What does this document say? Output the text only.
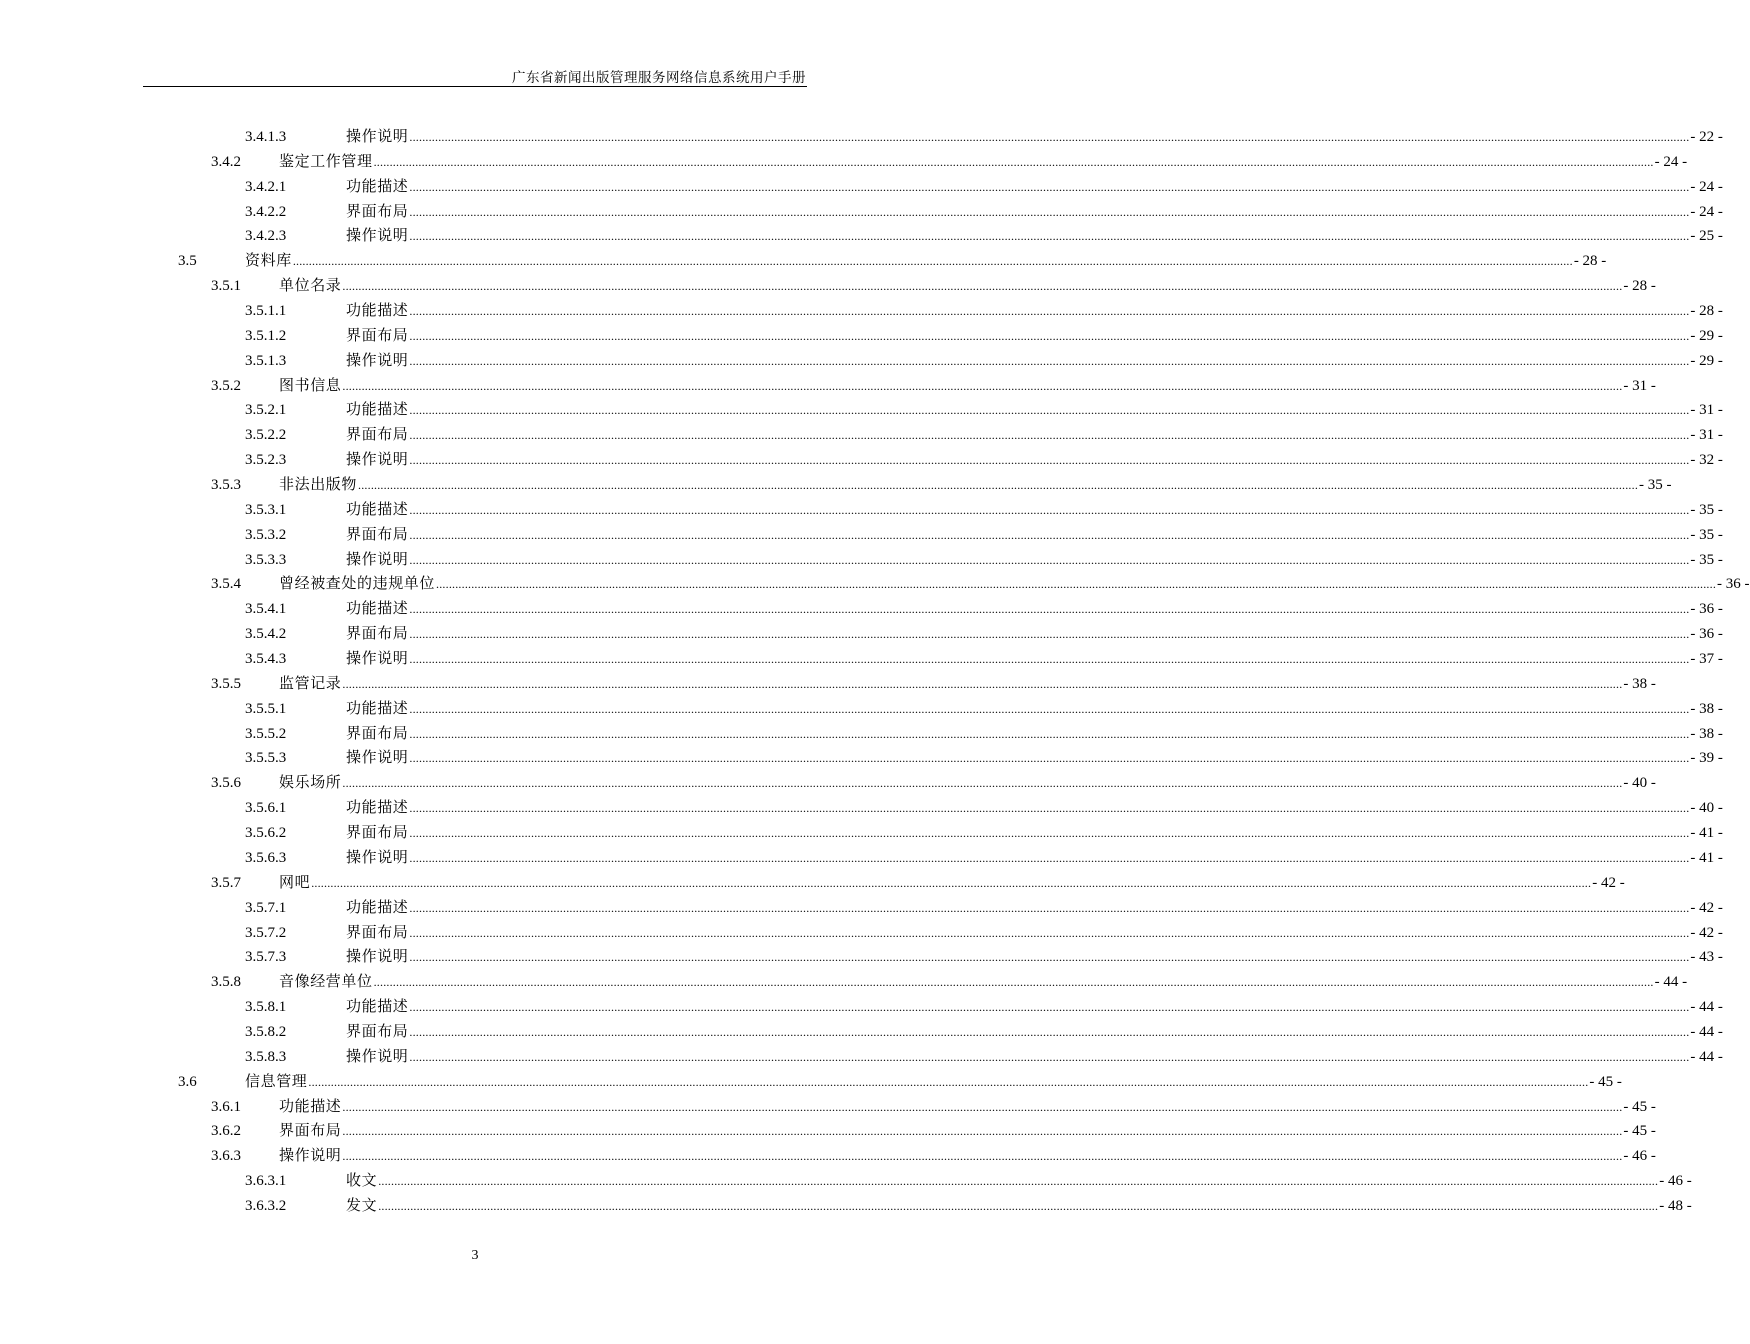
广东省新闻出版管理服务网络信息系统用户手册
3.4.1.3	操作说明 ................................................................................................................................................................................................................................................................................................................................................................................................................ - 22 -
3.4.2	鉴定工作管理 ................................................................................................................................................................................................................................................................................................................................................................................................................ - 24 -
3.4.2.1	功能描述 ................................................................................................................................................................................................................................................................................................................................................................................................................ - 24 -
3.4.2.2	界面布局 ................................................................................................................................................................................................................................................................................................................................................................................................................ - 24 -
3.4.2.3	操作说明 ................................................................................................................................................................................................................................................................................................................................................................................................................ - 25 -
3.5	资料库 ................................................................................................................................................................................................................................................................................................................................................................................................................ - 28 -
3.5.1	单位名录 ................................................................................................................................................................................................................................................................................................................................................................................................................ - 28 -
3.5.1.1	功能描述 ................................................................................................................................................................................................................................................................................................................................................................................................................ - 28 -
3.5.1.2	界面布局 ................................................................................................................................................................................................................................................................................................................................................................................................................ - 29 -
3.5.1.3	操作说明 ................................................................................................................................................................................................................................................................................................................................................................................................................ - 29 -
3.5.2	图书信息 ................................................................................................................................................................................................................................................................................................................................................................................................................ - 31 -
3.5.2.1	功能描述 ................................................................................................................................................................................................................................................................................................................................................................................................................ - 31 -
3.5.2.2	界面布局 ................................................................................................................................................................................................................................................................................................................................................................................................................ - 31 -
3.5.2.3	操作说明 ................................................................................................................................................................................................................................................................................................................................................................................................................ - 32 -
3.5.3	非法出版物 ................................................................................................................................................................................................................................................................................................................................................................................................................ - 35 -
3.5.3.1	功能描述 ................................................................................................................................................................................................................................................................................................................................................................................................................ - 35 -
3.5.3.2	界面布局 ................................................................................................................................................................................................................................................................................................................................................................................................................ - 35 -
3.5.3.3	操作说明 ................................................................................................................................................................................................................................................................................................................................................................................................................ - 35 -
3.5.4	曾经被查处的违规单位 ................................................................................................................................................................................................................................................................................................................................................................................................................ - 36 -
3.5.4.1	功能描述 ................................................................................................................................................................................................................................................................................................................................................................................................................ - 36 -
3.5.4.2	界面布局 ................................................................................................................................................................................................................................................................................................................................................................................................................ - 36 -
3.5.4.3	操作说明 ................................................................................................................................................................................................................................................................................................................................................................................................................ - 37 -
3.5.5	监管记录 ................................................................................................................................................................................................................................................................................................................................................................................................................ - 38 -
3.5.5.1	功能描述 ................................................................................................................................................................................................................................................................................................................................................................................................................ - 38 -
3.5.5.2	界面布局 ................................................................................................................................................................................................................................................................................................................................................................................................................ - 38 -
3.5.5.3	操作说明 ................................................................................................................................................................................................................................................................................................................................................................................................................ - 39 -
3.5.6	娱乐场所 ................................................................................................................................................................................................................................................................................................................................................................................................................ - 40 -
3.5.6.1	功能描述 ................................................................................................................................................................................................................................................................................................................................................................................................................ - 40 -
3.5.6.2	界面布局 ................................................................................................................................................................................................................................................................................................................................................................................................................ - 41 -
3.5.6.3	操作说明 ................................................................................................................................................................................................................................................................................................................................................................................................................ - 41 -
3.5.7	网吧 ................................................................................................................................................................................................................................................................................................................................................................................................................ - 42 -
3.5.7.1	功能描述 ................................................................................................................................................................................................................................................................................................................................................................................................................ - 42 -
3.5.7.2	界面布局 ................................................................................................................................................................................................................................................................................................................................................................................................................ - 42 -
3.5.7.3	操作说明 ................................................................................................................................................................................................................................................................................................................................................................................................................ - 43 -
3.5.8	音像经营单位 ................................................................................................................................................................................................................................................................................................................................................................................................................ - 44 -
3.5.8.1	功能描述 ................................................................................................................................................................................................................................................................................................................................................................................................................ - 44 -
3.5.8.2	界面布局 ................................................................................................................................................................................................................................................................................................................................................................................................................ - 44 -
3.5.8.3	操作说明 ................................................................................................................................................................................................................................................................................................................................................................................................................ - 44 -
3.6	信息管理 ................................................................................................................................................................................................................................................................................................................................................................................................................ - 45 -
3.6.1	功能描述 ................................................................................................................................................................................................................................................................................................................................................................................................................ - 45 -
3.6.2	界面布局 ................................................................................................................................................................................................................................................................................................................................................................................................................ - 45 -
3.6.3	操作说明 ................................................................................................................................................................................................................................................................................................................................................................................................................ - 46 -
3.6.3.1	收文 ................................................................................................................................................................................................................................................................................................................................................................................................................ - 46 -
3.6.3.2	发文 ................................................................................................................................................................................................................................................................................................................................................................................................................ - 48 -
3
